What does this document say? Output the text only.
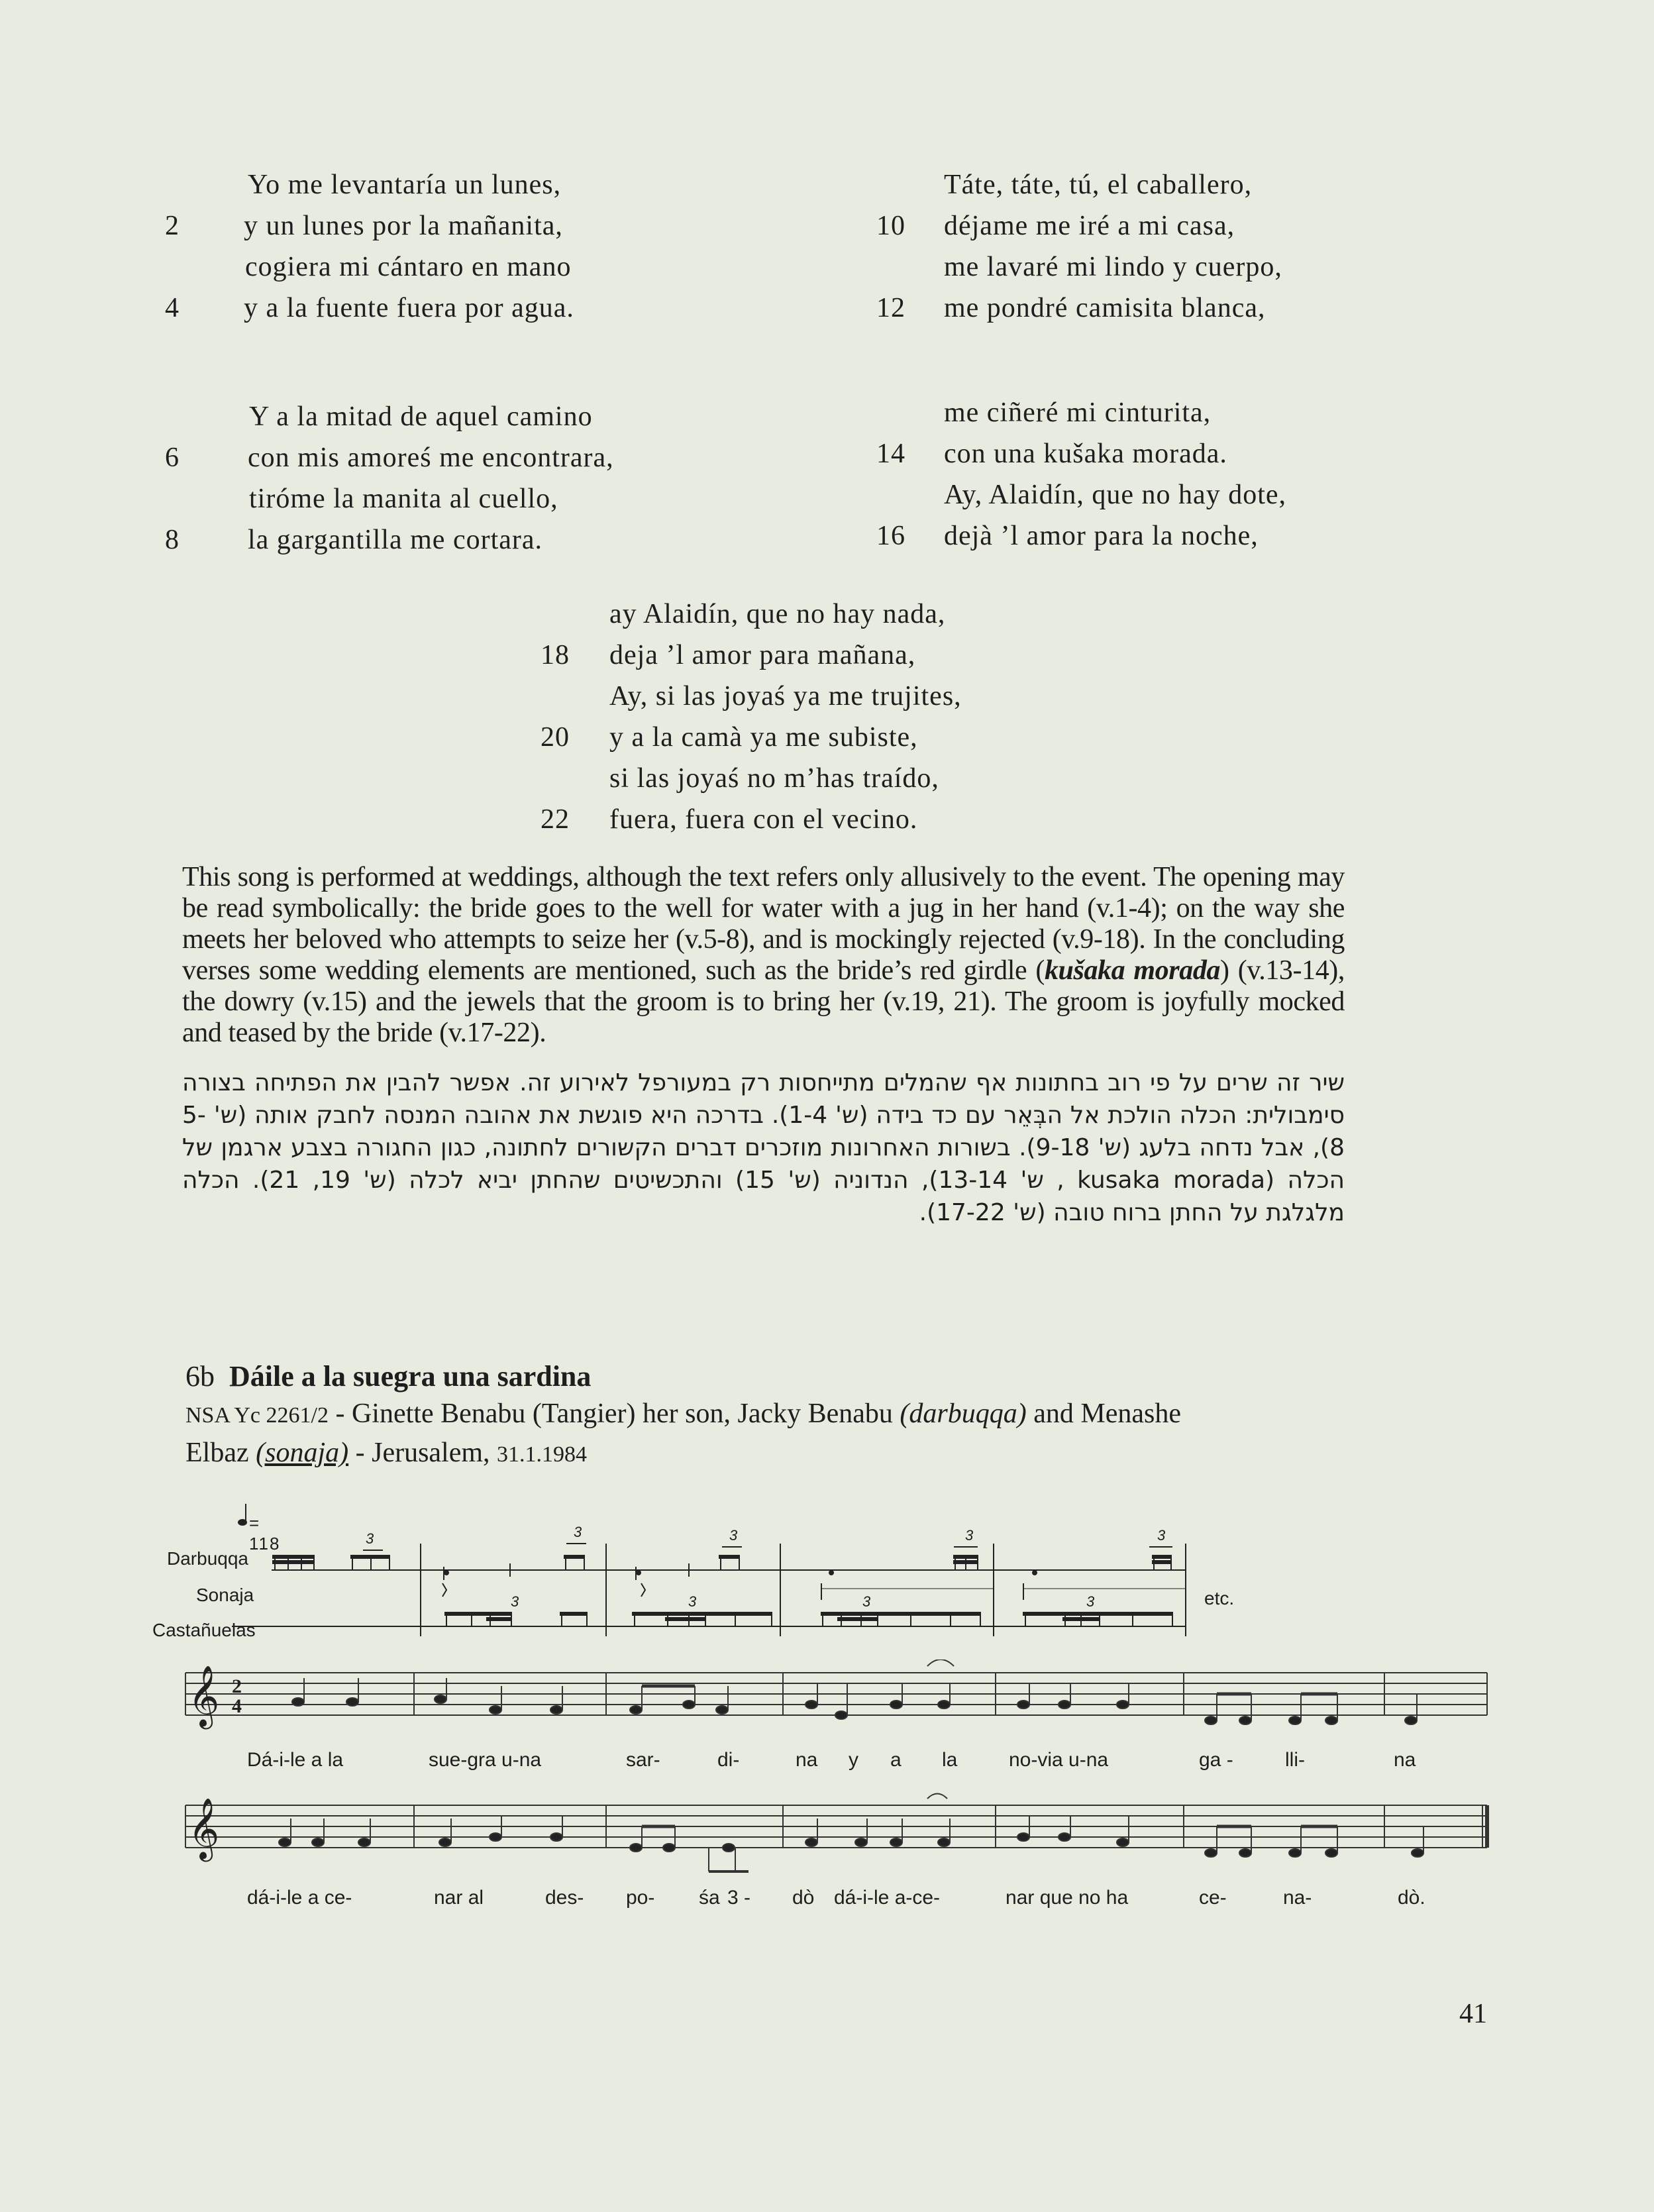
Yo me levantaría un lunes,
2	y un lunes por la mañanita,
cogiera mi cántaro en mano
4	y a la fuente fuera por agua.
Táte, táte, tú, el caballero,
10 déjame me iré a mi casa,
me lavaré mi lindo y cuerpo,
12 me pondré camisita blanca,
Y a la mitad de aquel camino
6	con mis amoreś me encontrara,
tiróme la manita al cuello,
8	la gargantilla me cortara.
me ciñeré mi cinturita,
14 con una kušaka morada.
Ay, Alaidín, que no hay dote,
16 dejà ’l amor para la noche,
ay Alaidín, que no hay nada,
18 deja ’l amor para mañana,
Ay, si las joyaś ya me trujites,
20 y a la camà ya me subiste,
si las joyaś no m’has traído,
22 fuera, fuera con el vecino.
This song is performed at weddings, although the text refers only allusively to the event. The opening may be read symbolically: the bride goes to the well for water with a jug in her hand (v.1-4); on the way she meets her beloved who attempts to seize her (v.5-8), and is mockingly rejected (v.9-18). In the concluding verses some wedding elements are mentioned, such as the bride’s red girdle (kušaka morada) (v.13-14), the dowry (v.15) and the jewels that the groom is to bring her (v.19, 21). The groom is joyfully mocked and teased by the bride (v.17-22).
שיר זה שרים על פי רוב בחתונות אף שהמלים מתייחסות רק במעורפל לאירוע זה. אפשר להבין את הפתיחה בצורה סימבולית: הכלה הולכת אל הבְּאֵר עם כד בידה (ש' 1-4). בדרכה היא פוגשת את אהובה המנסה לחבק אותה (ש' 5-8), אבל נדחה בלעג (ש' 9-18). בשורות האחרונות מוזכרים דברים הקשורים לחתונה, כגון החגורה בצבע ארגמן של הכלה (kusaka morada , ש' 13-14), הנדוניה (ש' 15) והתכשיטים שהחתן יביא לכלה (ש' 19, 21). הכלה מלגלגת על החתן ברוח טובה (ש' 17-22).
6b Dáile a la suegra una sardina
NSA Yc 2261/2 - Ginette Benabu (Tangier) her son, Jacky Benabu (darbuqqa) and Menashe
Elbaz (sonaja) - Jerusalem, 31.1.1984
= 118
Darbuqqa
Sonaja
Castañuelas
etc.
3	3	3	3	3
3	3	3	3
𝄞 2
4
Dá-i-le a la	sue-gra u-na	sar-	di-	na y a la	no-via u-na	ga -	lli-	na
𝄞
dá-i-le a ce-	nar al	des- po- śa 3 - dò dá-i-le a-ce-	nar que no ha	ce-	na-	dò.
41
